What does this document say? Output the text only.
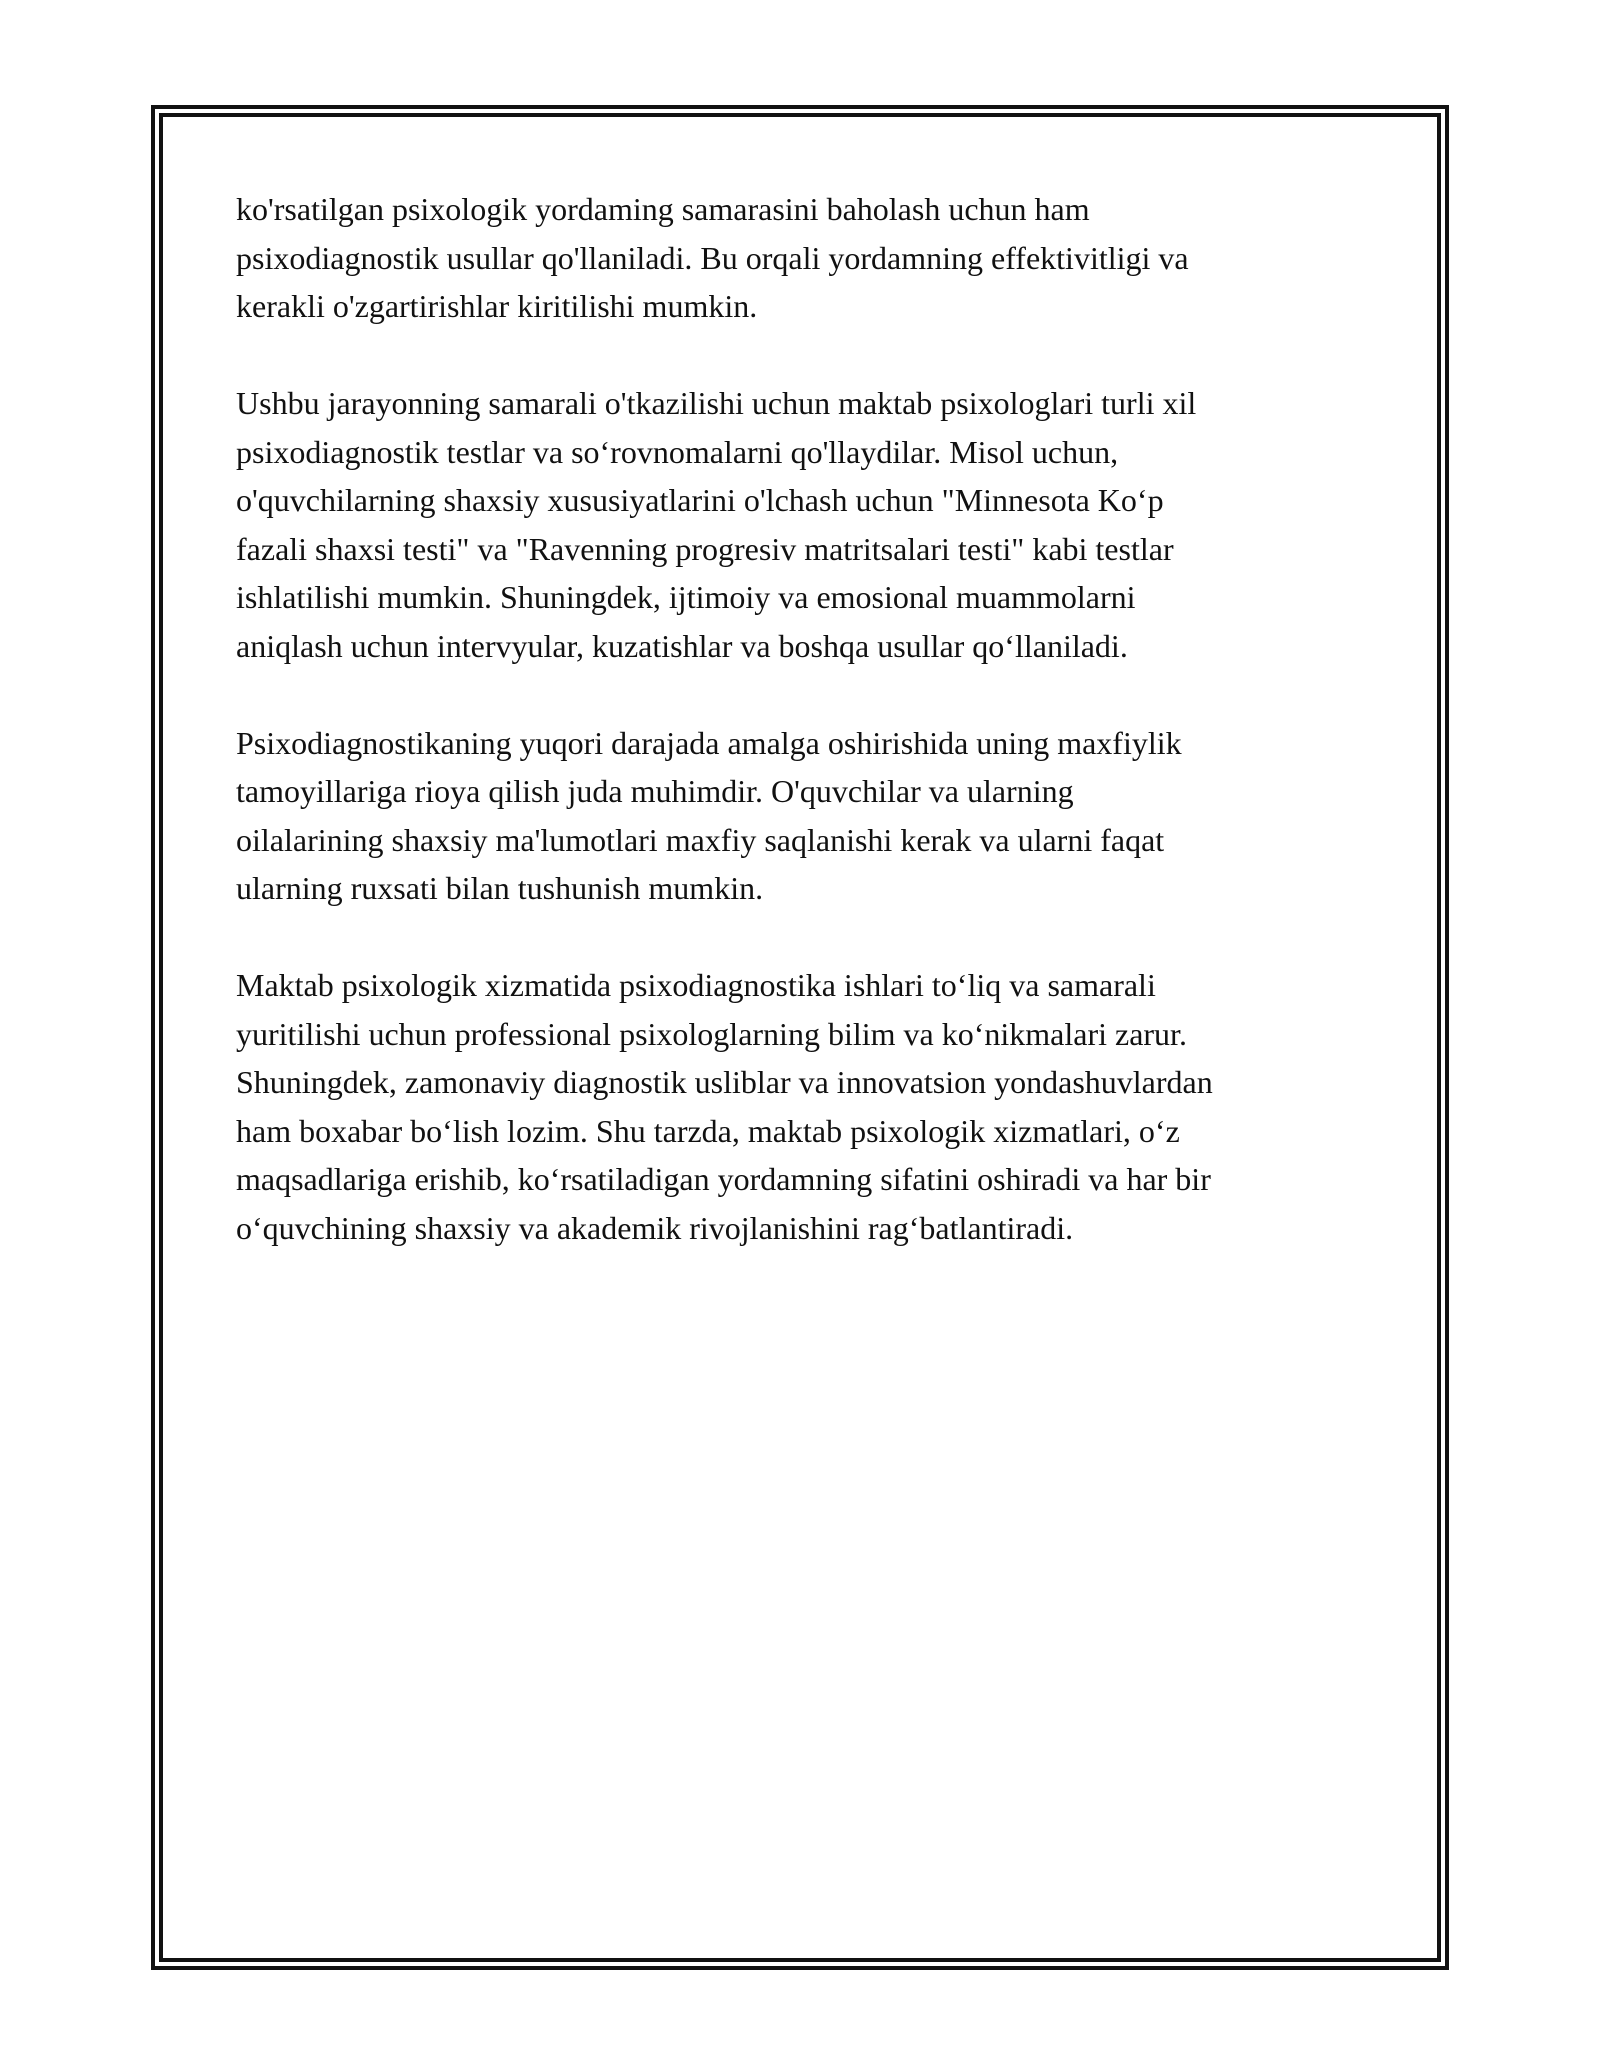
ko'rsatilgan psixologik yordaming samarasini baholash uchun ham
psixodiagnostik usullar qo'llaniladi. Bu orqali yordamning effektivitligi va
kerakli o'zgartirishlar kiritilishi mumkin.

Ushbu jarayonning samarali o'tkazilishi uchun maktab psixologlari turli xil
psixodiagnostik testlar va so‘rovnomalarni qo'llaydilar. Misol uchun,
o'quvchilarning shaxsiy xususiyatlarini o'lchash uchun "Minnesota Ko‘p
fazali shaxsi testi" va "Ravenning progresiv matritsalari testi" kabi testlar
ishlatilishi mumkin. Shuningdek, ijtimoiy va emosional muammolarni
aniqlash uchun intervyular, kuzatishlar va boshqa usullar qo‘llaniladi.

Psixodiagnostikaning yuqori darajada amalga oshirishida uning maxfiylik
tamoyillariga rioya qilish juda muhimdir. O'quvchilar va ularning
oilalarining shaxsiy ma'lumotlari maxfiy saqlanishi kerak va ularni faqat
ularning ruxsati bilan tushunish mumkin.

Maktab psixologik xizmatida psixodiagnostika ishlari to‘liq va samarali
yuritilishi uchun professional psixologlarning bilim va ko‘nikmalari zarur.
Shuningdek, zamonaviy diagnostik usliblar va innovatsion yondashuvlardan
ham boxabar bo‘lish lozim. Shu tarzda, maktab psixologik xizmatlari, o‘z
maqsadlariga erishib, ko‘rsatiladigan yordamning sifatini oshiradi va har bir
o‘quvchining shaxsiy va akademik rivojlanishini rag‘batlantiradi.
